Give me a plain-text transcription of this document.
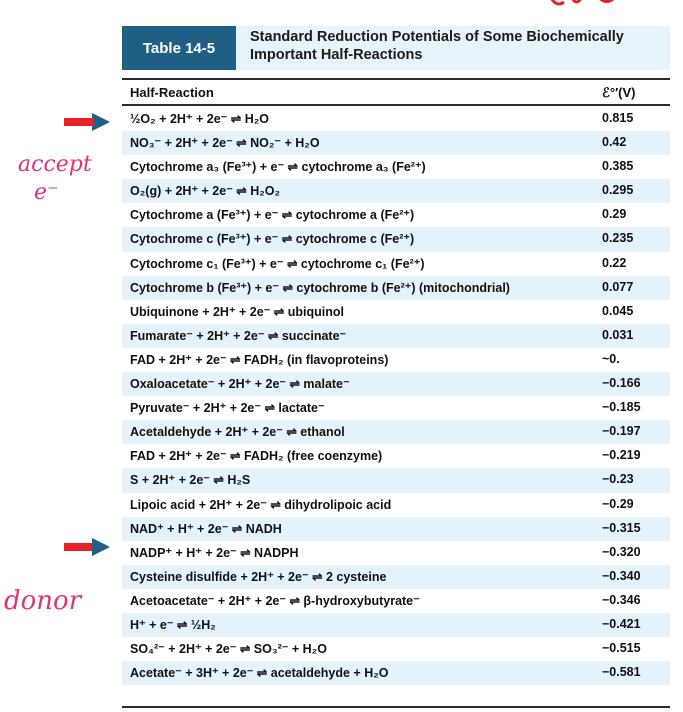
Table 14-5
Standard Reduction Potentials of Some Biochemically Important Half-Reactions
Half-Reaction	ℰ°′(V)
½O₂ + 2H⁺ + 2e⁻ ⇌ H₂O	0.815
NO₃⁻ + 2H⁺ + 2e⁻ ⇌ NO₂⁻ + H₂O	0.42
Cytochrome a₃ (Fe³⁺) + e⁻ ⇌ cytochrome a₃ (Fe²⁺)	0.385
O₂(g) + 2H⁺ + 2e⁻ ⇌ H₂O₂	0.295
Cytochrome a (Fe³⁺) + e⁻ ⇌ cytochrome a (Fe²⁺)	0.29
Cytochrome c (Fe³⁺) + e⁻ ⇌ cytochrome c (Fe²⁺)	0.235
Cytochrome c₁ (Fe³⁺) + e⁻ ⇌ cytochrome c₁ (Fe²⁺)	0.22
Cytochrome b (Fe³⁺) + e⁻ ⇌ cytochrome b (Fe²⁺) (mitochondrial)	0.077
Ubiquinone + 2H⁺ + 2e⁻ ⇌ ubiquinol	0.045
Fumarate⁻ + 2H⁺ + 2e⁻ ⇌ succinate⁻	0.031
FAD + 2H⁺ + 2e⁻ ⇌ FADH₂ (in flavoproteins)	~0.
Oxaloacetate⁻ + 2H⁺ + 2e⁻ ⇌ malate⁻	−0.166
Pyruvate⁻ + 2H⁺ + 2e⁻ ⇌ lactate⁻	−0.185
Acetaldehyde + 2H⁺ + 2e⁻ ⇌ ethanol	−0.197
FAD + 2H⁺ + 2e⁻ ⇌ FADH₂ (free coenzyme)	−0.219
S + 2H⁺ + 2e⁻ ⇌ H₂S	−0.23
Lipoic acid + 2H⁺ + 2e⁻ ⇌ dihydrolipoic acid	−0.29
NAD⁺ + H⁺ + 2e⁻ ⇌ NADH	−0.315
NADP⁺ + H⁺ + 2e⁻ ⇌ NADPH	−0.320
Cysteine disulfide + 2H⁺ + 2e⁻ ⇌ 2 cysteine	−0.340
Acetoacetate⁻ + 2H⁺ + 2e⁻ ⇌ β-hydroxybutyrate⁻	−0.346
H⁺ + e⁻ ⇌ ½H₂	−0.421
SO₄²⁻ + 2H⁺ + 2e⁻ ⇌ SO₃²⁻ + H₂O	−0.515
Acetate⁻ + 3H⁺ + 2e⁻ ⇌ acetaldehyde + H₂O	−0.581
accept
e⁻
donor
